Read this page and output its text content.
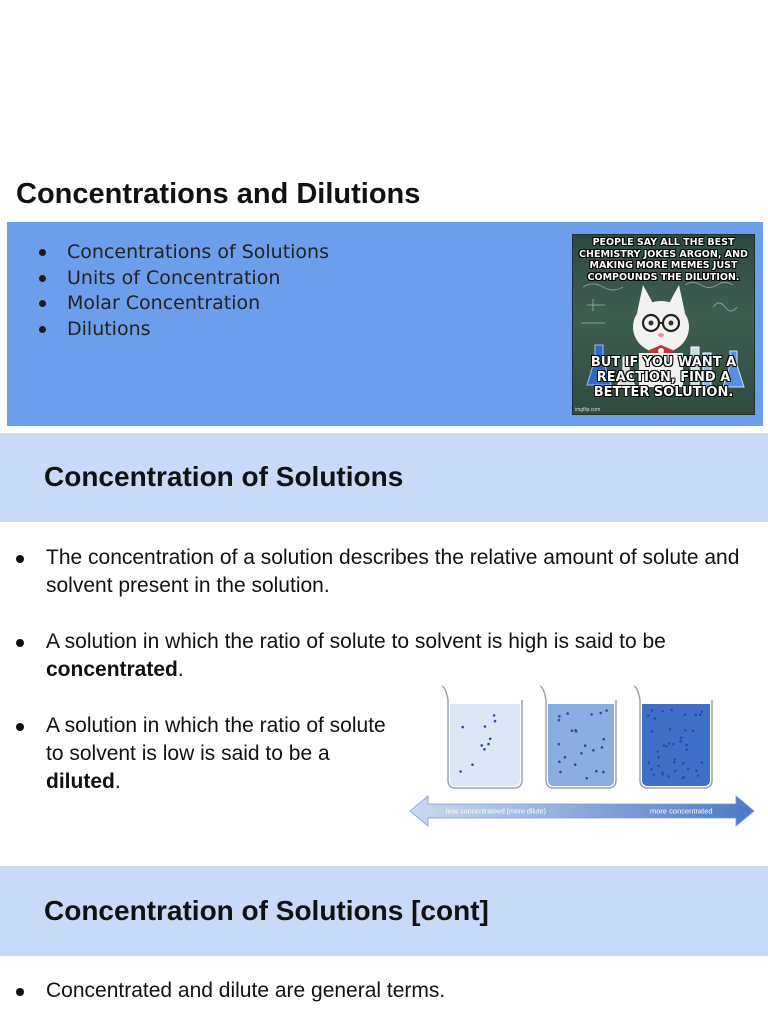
Concentrations and Dilutions
Concentrations of Solutions
Units of Concentration
Molar Concentration
Dilutions
PEOPLE SAY ALL THE BEST CHEMISTRY JOKES ARGON, AND MAKING MORE MEMES JUST COMPOUNDS THE DILUTION.
BUT IF YOU WANT A REACTION, FIND A BETTER SOLUTION.
imgflip.com
Concentration of Solutions
The concentration of a solution describes the relative amount of solute and solvent present in the solution.
A solution in which the ratio of solute to solvent is high is said to be concentrated.
A solution in which the ratio of solute to solvent is low is said to be a diluted.
less concentrateed (more dilute)	more concentrated
Concentration of Solutions [cont]
Concentrated and dilute are general terms.
